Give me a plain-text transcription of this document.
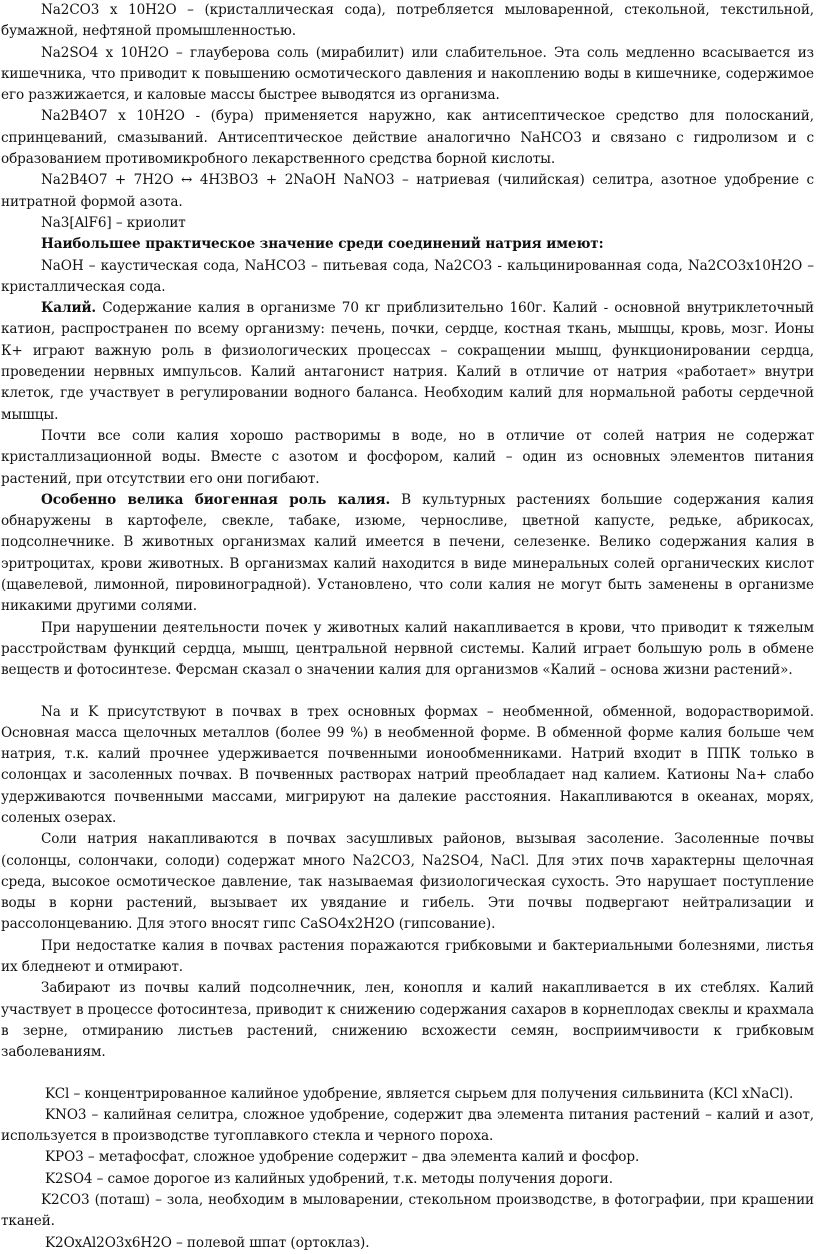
Na2CO3 x 10H2O – (кристаллическая сода), потребляется мыловаренной, стекольной, текстильной, бумажной, нефтяной промышленностью.

Na2SO4 x 10H2O – глауберова соль (мирабилит) или слабительное. Эта соль медленно всасывается из кишечника, что приводит к повышению осмотического давления и накоплению воды в кишечнике, содержимое его разжижается, и каловые массы быстрее выводятся из организма.

Na2B4O7 x 10H2O - (бура) применяется наружно, как антисептическое средство для полосканий, спринцеваний, смазываний. Антисептическое действие аналогично NaHCO3 и связано с гидролизом и с образованием противомикробного лекарственного средства борной кислоты.

Na2B4O7 + 7H2O ↔ 4H3BO3 + 2NaOH NaNO3 – натриевая (чилийская) селитра, азотное удобрение с нитратной формой азота.

Na3[AlF6] – криолит

Наибольшее практическое значение среди соединений натрия имеют:

NaOH – каустическая сода, NaHCO3 – питьевая сода, Na2CO3 - кальцинированная сода, Na2CO3x10H2O – кристаллическая сода.

Калий. Содержание калия в организме 70 кг приблизительно 160г. Калий - основной внутриклеточный катион, распространен по всему организму: печень, почки, сердце, костная ткань, мышцы, кровь, мозг. Ионы К+ играют важную роль в физиологических процессах – сокращении мышц, функционировании сердца, проведении нервных импульсов. Калий антагонист натрия. Калий в отличие от натрия «работает» внутри клеток, где участвует в регулировании водного баланса. Необходим калий для нормальной работы сердечной мышцы.

Почти все соли калия хорошо растворимы в воде, но в отличие от солей натрия не содержат кристаллизационной воды. Вместе с азотом и фосфором, калий – один из основных элементов питания растений, при отсутствии его они погибают.

Особенно велика биогенная роль калия. В культурных растениях большие содержания калия обнаружены в картофеле, свекле, табаке, изюме, черносливе, цветной капусте, редьке, абрикосах, подсолнечнике. В животных организмах калий имеется в печени, селезенке. Велико содержания калия в эритроцитах, крови животных. В организмах калий находится в виде минеральных солей органических кислот (щавелевой, лимонной, пировиноградной). Установлено, что соли калия не могут быть заменены в организме никакими другими солями.

При нарушении деятельности почек у животных калий накапливается в крови, что приводит к тяжелым расстройствам функций сердца, мышц, центральной нервной системы. Калий играет большую роль в обмене веществ и фотосинтезе. Ферсман сказал о значении калия для организмов «Калий – основа жизни растений».

Na и K присутствуют в почвах в трех основных формах – необменной, обменной, водорастворимой. Основная масса щелочных металлов (более 99 %) в необменной форме. В обменной форме калия больше чем натрия, т.к. калий прочнее удерживается почвенными ионообменниками. Натрий входит в ППК только в солонцах и засоленных почвах. В почвенных растворах натрий преобладает над калием. Катионы Na+ слабо удерживаются почвенными массами, мигрируют на далекие расстояния. Накапливаются в океанах, морях, соленых озерах.

Соли натрия накапливаются в почвах засушливых районов, вызывая засоление. Засоленные почвы (солонцы, солончаки, солоди) содержат много Na2CO3, Na2SO4, NaCl. Для этих почв характерны щелочная среда, высокое осмотическое давление, так называемая физиологическая сухость. Это нарушает поступление воды в корни растений, вызывает их увядание и гибель. Эти почвы подвергают нейтрализации и рассолонцеванию. Для этого вносят гипс CaSO4x2H2O (гипсование).

При недостатке калия в почвах растения поражаются грибковыми и бактериальными болезнями, листья их бледнеют и отмирают.

Забирают из почвы калий подсолнечник, лен, конопля и калий накапливается в их стеблях. Калий участвует в процессе фотосинтеза, приводит к снижению содержания сахаров в корнеплодах свеклы и крахмала в зерне, отмиранию листьев растений, снижению всхожести семян, восприимчивости к грибковым заболеваниям.

KCl – концентрированное калийное удобрение, является сырьем для получения сильвинита (KCl xNaCl).

KNO3 – калийная селитра, сложное удобрение, содержит два элемента питания растений – калий и азот, используется в производстве тугоплавкого стекла и черного пороха.

KPO3 – метафосфат, сложное удобрение содержит – два элемента калий и фосфор.

K2SO4 – самое дорогое из калийных удобрений, т.к. методы получения дороги.

K2CO3 (поташ) – зола, необходим в мыловарении, стекольном производстве, в фотографии, при крашении тканей.

K2OxAl2O3x6H2O – полевой шпат (ортоклаз).
